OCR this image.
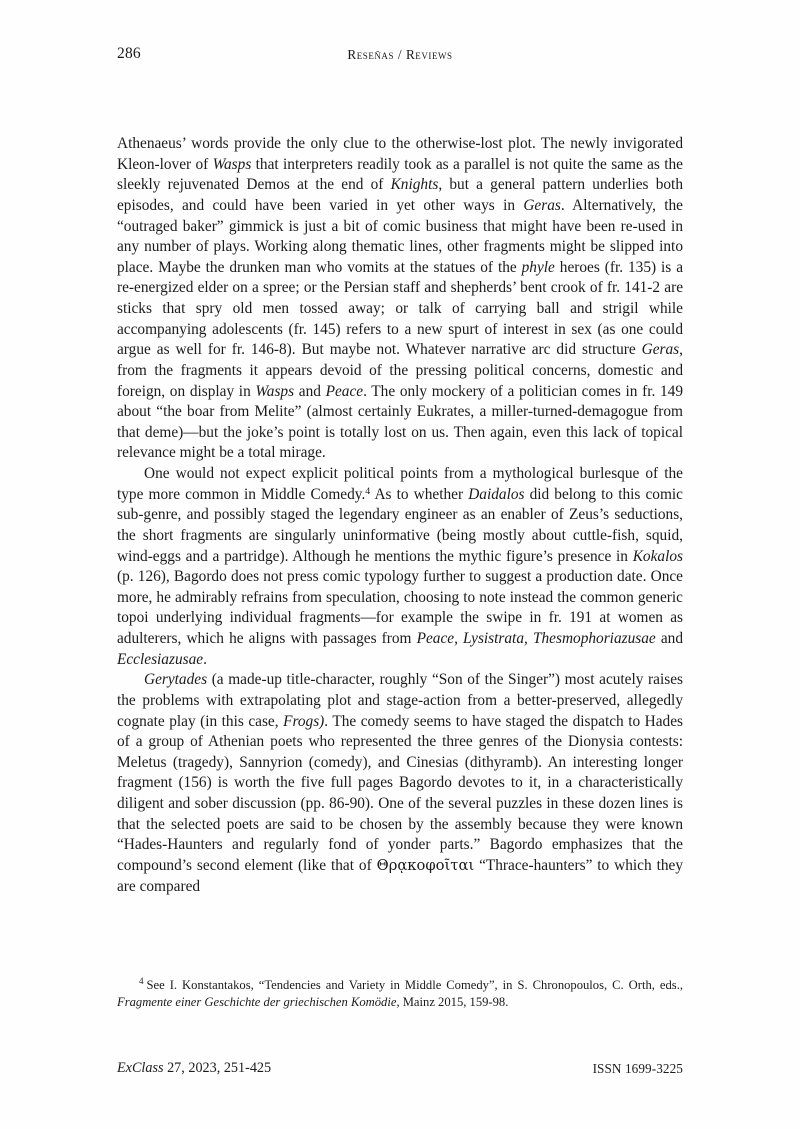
286	Reseñas / Reviews

Athenaeus’ words provide the only clue to the otherwise-lost plot. The newly invigorated Kleon-lover of Wasps that interpreters readily took as a parallel is not quite the same as the sleekly rejuvenated Demos at the end of Knights, but a general pattern underlies both episodes, and could have been varied in yet other ways in Geras. Alternatively, the “outraged baker” gimmick is just a bit of comic business that might have been re-used in any number of plays. Working along thematic lines, other fragments might be slipped into place. Maybe the drunken man who vomits at the statues of the phyle heroes (fr. 135) is a re-energized elder on a spree; or the Persian staff and shepherds’ bent crook of fr. 141-2 are sticks that spry old men tossed away; or talk of carrying ball and strigil while accompanying adolescents (fr. 145) refers to a new spurt of interest in sex (as one could argue as well for fr. 146-8). But maybe not. Whatever narrative arc did structure Geras, from the fragments it appears devoid of the pressing political concerns, domestic and foreign, on display in Wasps and Peace. The only mockery of a politician comes in fr. 149 about “the boar from Melite” (almost certainly Eukrates, a miller-turned-demagogue from that deme)—but the joke’s point is totally lost on us. Then again, even this lack of topical relevance might be a total mirage.

One would not expect explicit political points from a mythological burlesque of the type more common in Middle Comedy.$^4$ As to whether Daidalos did belong to this comic sub-genre, and possibly staged the legendary engineer as an enabler of Zeus’s seductions, the short fragments are singularly uninformative (being mostly about cuttle-fish, squid, wind-eggs and a partridge). Although he mentions the mythic figure’s presence in Kokalos (p. 126), Bagordo does not press comic typology further to suggest a production date. Once more, he admirably refrains from speculation, choosing to note instead the common generic topoi underlying individual fragments—for example the swipe in fr. 191 at women as adulterers, which he aligns with passages from Peace, Lysistrata, Thesmophoriazusae and Ecclesiazusae.

Gerytades (a made-up title-character, roughly “Son of the Singer”) most acutely raises the problems with extrapolating plot and stage-action from a better-preserved, allegedly cognate play (in this case, Frogs). The comedy seems to have staged the dispatch to Hades of a group of Athenian poets who represented the three genres of the Dionysia contests: Meletus (tragedy), Sannyrion (comedy), and Cinesias (dithyramb). An interesting longer fragment (156) is worth the five full pages Bagordo devotes to it, in a characteristically diligent and sober discussion (pp. 86-90). One of the several puzzles in these dozen lines is that the selected poets are said to be chosen by the assembly because they were known “Hades-Haunters and regularly fond of yonder parts.” Bagordo emphasizes that the compound’s second element (like that of Θρᾳκοφοῖται “Thrace-haunters” to which they are compared

$^4$ See I. Konstantakos, “Tendencies and Variety in Middle Comedy”, in S. Chronopoulos, C. Orth, eds., Fragmente einer Geschichte der griechischen Komödie, Mainz 2015, 159-98.

ExClass 27, 2023, 251-425	ISSN 1699-3225
